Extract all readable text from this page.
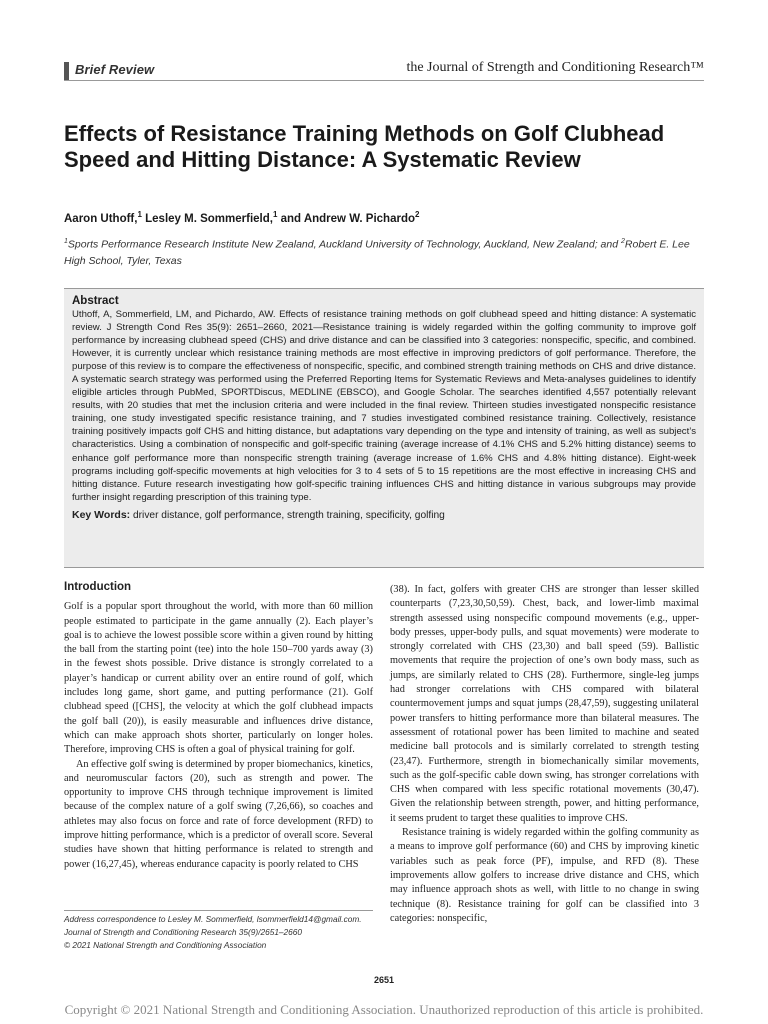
Brief Review	the Journal of Strength and Conditioning Research™
Effects of Resistance Training Methods on Golf Clubhead Speed and Hitting Distance: A Systematic Review
Aaron Uthoff,$^1$ Lesley M. Sommerfield,$^1$ and Andrew W. Pichardo$^2$
$^1$Sports Performance Research Institute New Zealand, Auckland University of Technology, Auckland, New Zealand; and $^2$Robert E. Lee High School, Tyler, Texas
Abstract

Uthoff, A, Sommerfield, LM, and Pichardo, AW. Effects of resistance training methods on golf clubhead speed and hitting distance: A systematic review. J Strength Cond Res 35(9): 2651–2660, 2021—Resistance training is widely regarded within the golfing community to improve golf performance by increasing clubhead speed (CHS) and drive distance and can be classified into 3 categories: nonspecific, specific, and combined. However, it is currently unclear which resistance training methods are most effective in improving predictors of golf performance. Therefore, the purpose of this review is to compare the effectiveness of nonspecific, specific, and combined strength training methods on CHS and drive distance. A systematic search strategy was performed using the Preferred Reporting Items for Systematic Reviews and Meta-analyses guidelines to identify eligible articles through PubMed, SPORTDiscus, MEDLINE (EBSCO), and Google Scholar. The searches identified 4,557 potentially relevant results, with 20 studies that met the inclusion criteria and were included in the final review. Thirteen studies investigated nonspecific resistance training, one study investigated specific resistance training, and 7 studies investigated combined resistance training. Collectively, resistance training positively impacts golf CHS and hitting distance, but adaptations vary depending on the type and intensity of training, as well as subject’s characteristics. Using a combination of nonspecific and golf-specific training (average increase of 4.1% CHS and 5.2% hitting distance) seems to enhance golf performance more than nonspecific strength training (average increase of 1.6% CHS and 4.8% hitting distance). Eight-week programs including golf-specific movements at high velocities for 3 to 4 sets of 5 to 15 repetitions are the most effective in increasing CHS and hitting distance. Future research investigating how golf-specific training influences CHS and hitting distance in various subgroups may provide further insight regarding prescription of this training type.

Key Words: driver distance, golf performance, strength training, specificity, golfing
Introduction

Golf is a popular sport throughout the world, with more than 60 million people estimated to participate in the game annually (2). Each player’s goal is to achieve the lowest possible score within a given round by hitting the ball from the starting point (tee) into the hole 150–700 yards away (3) in the fewest shots possible. Drive distance is strongly correlated to a player’s handicap or current ability over an entire round of golf, which includes long game, short game, and putting performance (21). Golf clubhead speed ([CHS], the velocity at which the golf clubhead impacts the golf ball (20)), is easily measurable and influences drive distance, which can make approach shots shorter, particularly on longer holes. Therefore, improving CHS is often a goal of physical training for golf.

An effective golf swing is determined by proper biomechanics, kinetics, and neuromuscular factors (20), such as strength and power. The opportunity to improve CHS through technique improvement is limited because of the complex nature of a golf swing (7,26,66), so coaches and athletes may also focus on force and rate of force development (RFD) to improve hitting performance, which is a predictor of overall score. Several studies have shown that hitting performance is related to strength and power (16,27,45), whereas endurance capacity is poorly related to CHS

(38). In fact, golfers with greater CHS are stronger than lesser skilled counterparts (7,23,30,50,59). Chest, back, and lower-limb maximal strength assessed using nonspecific compound movements (e.g., upper-body presses, upper-body pulls, and squat movements) were moderate to strongly correlated with CHS (23,30) and ball speed (59). Ballistic movements that require the projection of one’s own body mass, such as jumps, are similarly related to CHS (28). Furthermore, single-leg jumps had stronger correlations with CHS compared with bilateral countermovement jumps and squat jumps (28,47,59), suggesting unilateral power transfers to hitting performance more than bilateral measures. The assessment of rotational power has been limited to machine and seated medicine ball protocols and is similarly correlated to strength testing (23,47). Furthermore, strength in biomechanically similar movements, such as the golf-specific cable down swing, has stronger correlations with CHS when compared with less specific rotational movements (30,47). Given the relationship between strength, power, and hitting performance, it seems prudent to target these qualities to improve CHS.

Resistance training is widely regarded within the golfing community as a means to improve golf performance (60) and CHS by improving kinetic variables such as peak force (PF), impulse, and RFD (8). These improvements allow golfers to increase drive distance and CHS, which may influence approach shots as well, with little to no change in swing technique (8). Resistance training for golf can be classified into 3 categories: nonspecific,

Address correspondence to Lesley M. Sommerfield, lsommerfield14@gmail.com.
Journal of Strength and Conditioning Research 35(9)/2651–2660
© 2021 National Strength and Conditioning Association
2651
Copyright © 2021 National Strength and Conditioning Association. Unauthorized reproduction of this article is prohibited.
